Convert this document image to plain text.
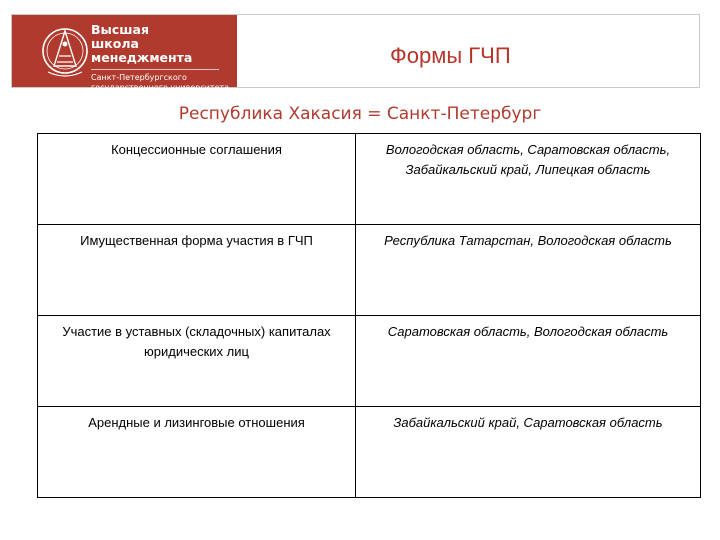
Высшая
школа менеджмента
Санкт-Петербургского
государственного университета
Формы ГЧП
Республика Хакасия = Санкт-Петербург
Концессионные соглашения	Вологодская область, Саратовская область, Забайкальский край, Липецкая область
Имущественная форма участия в ГЧП	Республика Татарстан, Вологодская область
Участие в уставных (складочных) капиталах юридических лиц	Саратовская область, Вологодская область
Арендные и лизинговые отношения	Забайкальский край, Саратовская область
